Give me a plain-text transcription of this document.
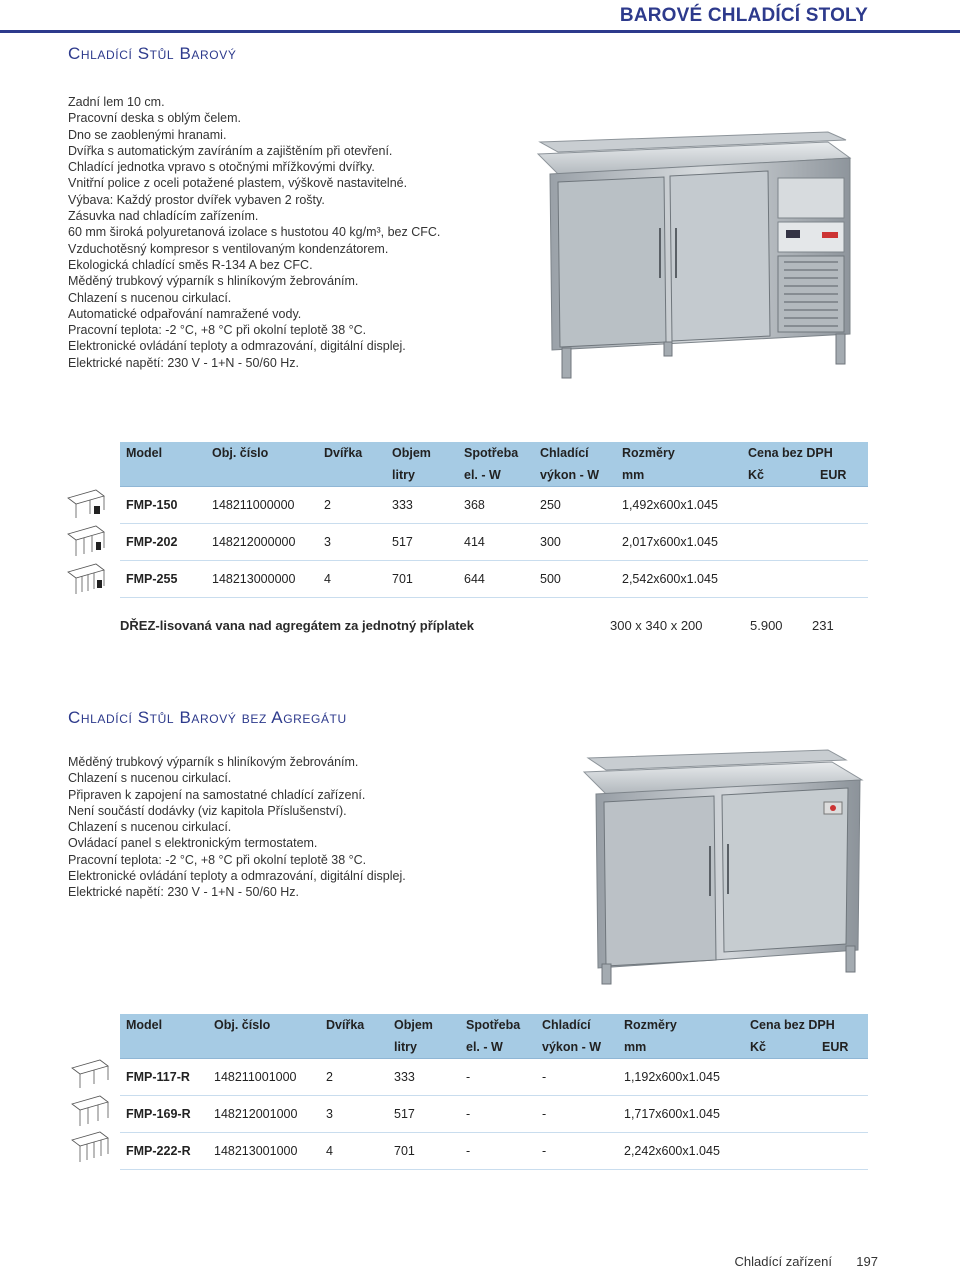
BAROVÉ CHLADÍCÍ STOLY
Chladící Stůl Barový
Zadní lem 10 cm.
Pracovní deska s oblým čelem.
Dno se zaoblenými hranami.
Dvířka s automatickým zavíráním a zajištěním při otevření.
Chladící jednotka vpravo s otočnými mřížkovými dvířky.
Vnitřní police z oceli potažené plastem, výškově nastavitelné.
Výbava: Každý prostor dvířek vybaven 2 rošty.
Zásuvka nad chladícím zařízením.
60 mm široká polyuretanová izolace s hustotou 40 kg/m³, bez CFC.
Vzduchotěsný kompresor s ventilovaným kondenzátorem.
Ekologická chladící směs R-134 A bez CFC.
Měděný trubkový výparník s hliníkovým žebrováním.
Chlazení s nucenou cirkulací.
Automatické odpařování namražené vody.
Pracovní teplota: -2 °C, +8 °C při okolní teplotě 38 °C.
Elektronické ovládání teploty a odmrazování, digitální displej.
Elektrické napětí: 230 V - 1+N - 50/60 Hz.
Model	Obj. číslo	Dvířka	Objem	Spotřeba	Chladící	Rozměry	Cena bez DPH	
			litry	el. - W	výkon - W	mm	Kč	EUR
FMP-150	148211000000	2	333	368	250	1,492x600x1.045		
FMP-202	148212000000	3	517	414	300	2,017x600x1.045		
FMP-255	148213000000	4	701	644	500	2,542x600x1.045		
DŘEZ-lisovaná vana nad agregátem za jednotný příplatek	300 x 340 x 200	5.900 231
Chladící Stůl Barový bez Agregátu
Měděný trubkový výparník s hliníkovým žebrováním.
Chlazení s nucenou cirkulací.
Připraven k zapojení na samostatné chladící zařízení.
Není součástí dodávky (viz kapitola Příslušenství).
Chlazení s nucenou cirkulací.
Ovládací panel s elektronickým termostatem.
Pracovní teplota: -2 °C, +8 °C při okolní teplotě 38 °C.
Elektronické ovládání teploty a odmrazování, digitální displej.
Elektrické napětí: 230 V - 1+N - 50/60 Hz.
Model	Obj. číslo	Dvířka	Objem	Spotřeba	Chladící	Rozměry	Cena bez DPH	
			litry	el. - W	výkon - W	mm	Kč	EUR
FMP-117-R	148211001000	2	333	-	-	1,192x600x1.045		
FMP-169-R	148212001000	3	517	-	-	1,717x600x1.045		
FMP-222-R	148213001000	4	701	-	-	2,242x600x1.045		
Chladící zařízení 197
